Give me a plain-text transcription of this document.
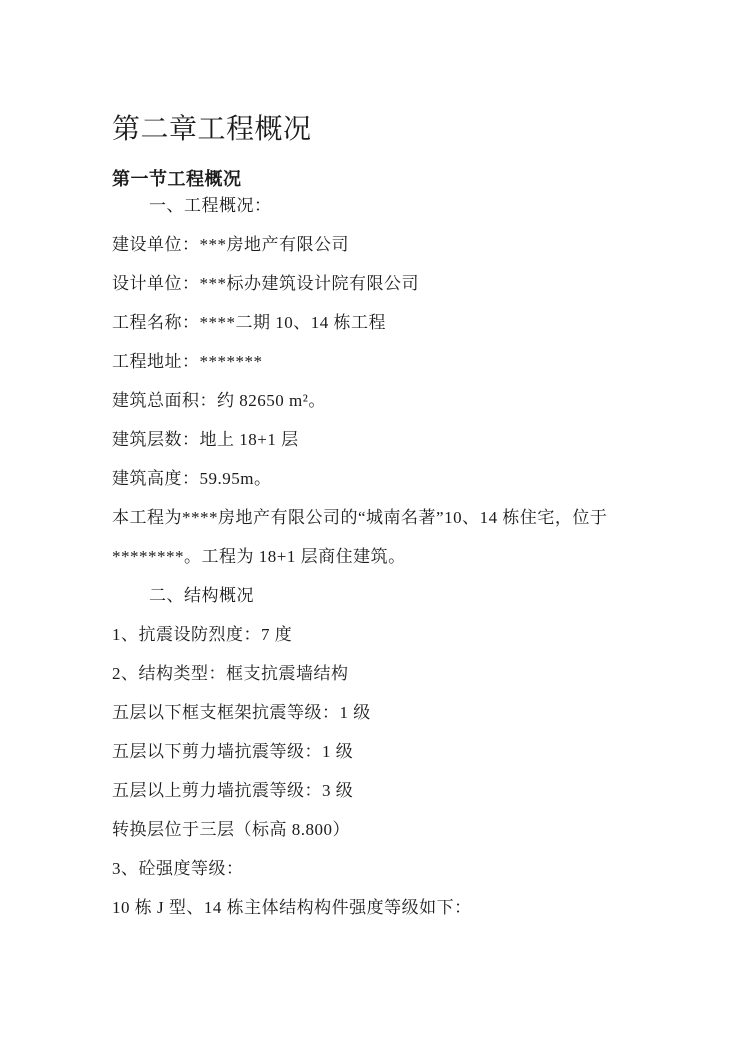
第二章工程概况
第一节工程概况

一、工程概况：

建设单位：***房地产有限公司

设计单位：***标办建筑设计院有限公司

工程名称：****二期 10、14 栋工程

工程地址：*******

建筑总面积：约 82650 m²。

建筑层数：地上 18+1 层

建筑高度：59.95m。

本工程为****房地产有限公司的“城南名著”10、14 栋住宅，位于

********。工程为 18+1 层商住建筑。

二、结构概况

1、抗震设防烈度：7 度

2、结构类型：框支抗震墙结构

五层以下框支框架抗震等级：1 级

五层以下剪力墙抗震等级：1 级

五层以上剪力墙抗震等级：3 级

转换层位于三层（标高 8.800）

3、砼强度等级：

10 栋 J 型、14 栋主体结构构件强度等级如下：
